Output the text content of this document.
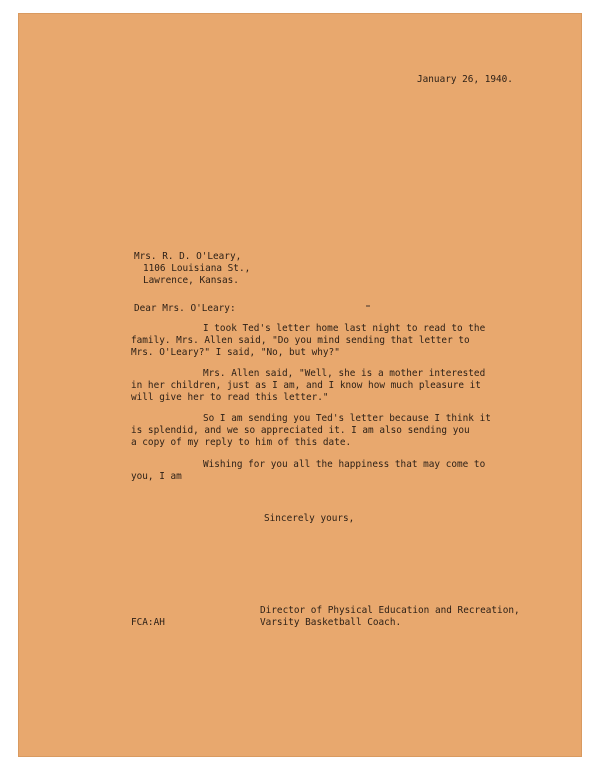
January 26, 1940.
Mrs. R. D. O'Leary,
1106 Louisiana St.,
Lawrence, Kansas.
Dear Mrs. O'Leary:
I took Ted's letter home last night to read to the
family. Mrs. Allen said, "Do you mind sending that letter to
Mrs. O'Leary?" I said, "No, but why?"
Mrs. Allen said, "Well, she is a mother interested
in her children, just as I am, and I know how much pleasure it
will give her to read this letter."
So I am sending you Ted's letter because I think it
is splendid, and we so appreciated it. I am also sending you
a copy of my reply to him of this date.
Wishing for you all the happiness that may come to
you, I am
Sincerely yours,
Director of Physical Education and Recreation,
Varsity Basketball Coach.
FCA:AH
